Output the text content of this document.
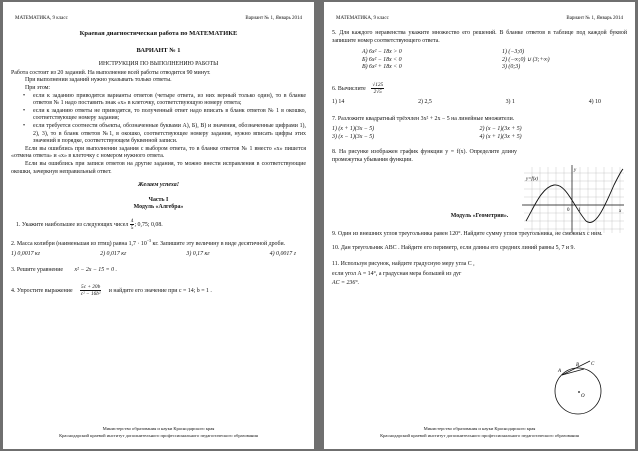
МАТЕМАТИКА, 9 класс	Вариант № 1, Январь 2014
Краевая диагностическая работа по МАТЕМАТИКЕ
ВАРИАНТ № 1
ИНСТРУКЦИЯ ПО ВЫПОЛНЕНИЮ РАБОТЫ
Работа состоит из 20 заданий. На выполнение всей работы отводится 90 минут.
При выполнении заданий нужно указывать только ответы.
При этом:
• если к заданию приводятся варианты ответов (четыре ответа, из них верный только один), то в бланке ответов № 1 надо поставить знак «x» в клеточку, соответствующую номеру ответа;
• если к заданию ответы не приводятся, то полученный ответ надо вписать в бланк ответов № 1 в окошко, соответствующее номеру задания;
• если требуется соотнести объекты, обозначенные буквами А), Б), В) и значения, обозначенные цифрами 1), 2), 3), то в бланк ответов №1, в окошко, соответствующее номеру задания, нужно вписать цифры этих значений в порядке, соответствующем буквенной записи.
Если вы ошиблись при выполнении задания с выбором ответа, то в бланке ответов № 1 вместо «x» пишется «отмена ответа» и «x» в клеточку с номером нужного ответа.
Если вы ошиблись при записи ответов на другие задания, то можно внести исправления в соответствующие окошки, зачеркнув неправильный ответ.
Желаем успеха!
Часть I
Модуль «Алгебра»
1. Укажите наибольшее из следующих чисел $\frac{4}{5}$ ; 0,75; 0,08.
2. Масса колибри (наименьшая из птиц) равна $1,7 \cdot 10^{-3}$ кг. Запишите эту величину в виде десятичной дроби.
1) 0,0017 кг	2) 0,017 кг	3) 0,17 кг	4) 0,0017 г
3. Решите уравнение x² − 2x − 15 = 0 .
4. Упростите выражение $\frac{5c + 20b}{\text{c² − 16b²}}$ и найдите его значение при c = 14; b = 1 .
Министерство образования и науки Краснодарского края
Краснодарский краевой институт дополнительного профессионального педагогического образования
МАТЕМАТИКА, 9 класс	Вариант № 1, Январь 2014
5. Для каждого неравенства укажите множество его решений. В бланке ответов в таблице под каждой буквой запишите номер соответствующего ответа.
А) 6x² − 18x > 0	1) (−3;0)
Б) 6x² − 18x < 0	2) (−∞;0) ∪ (3;+∞)
В) 6x² + 18x < 0	3) (0;3)
6. Вычислите $\frac{√125}{2√5}$
1) 14	2) 2,5	3) 1	4) 10
7. Разложите квадратный трёхчлен 3x² + 2x − 5 на линейные множители.
1) (x + 1)(3x − 5)	2) (x − 1)(3x + 5)
3) (x − 1)(3x − 5)	4) (x + 1)(3x + 5)
8. На рисунке изображен график функции y = f(x). Определите длину промежутка убывания функции.
Модуль «Геометрия».
9. Один из внешних углов треугольника равен 120°. Найдите сумму углов треугольника, не смежных с ним.
10. Дан треугольник ABC . Найдите его периметр, если длины его средних линий равны 5, 7 и 9.
11. Используя рисунок, найдите градусную меру угла C ,
если угол A = 14°, а градусная мера большей из дуг
AC = 236°.
y
x
0 1
y=f(x)
A
B C
O
Министерство образования и науки Краснодарского края
Краснодарский краевой институт дополнительного профессионального педагогического образования
